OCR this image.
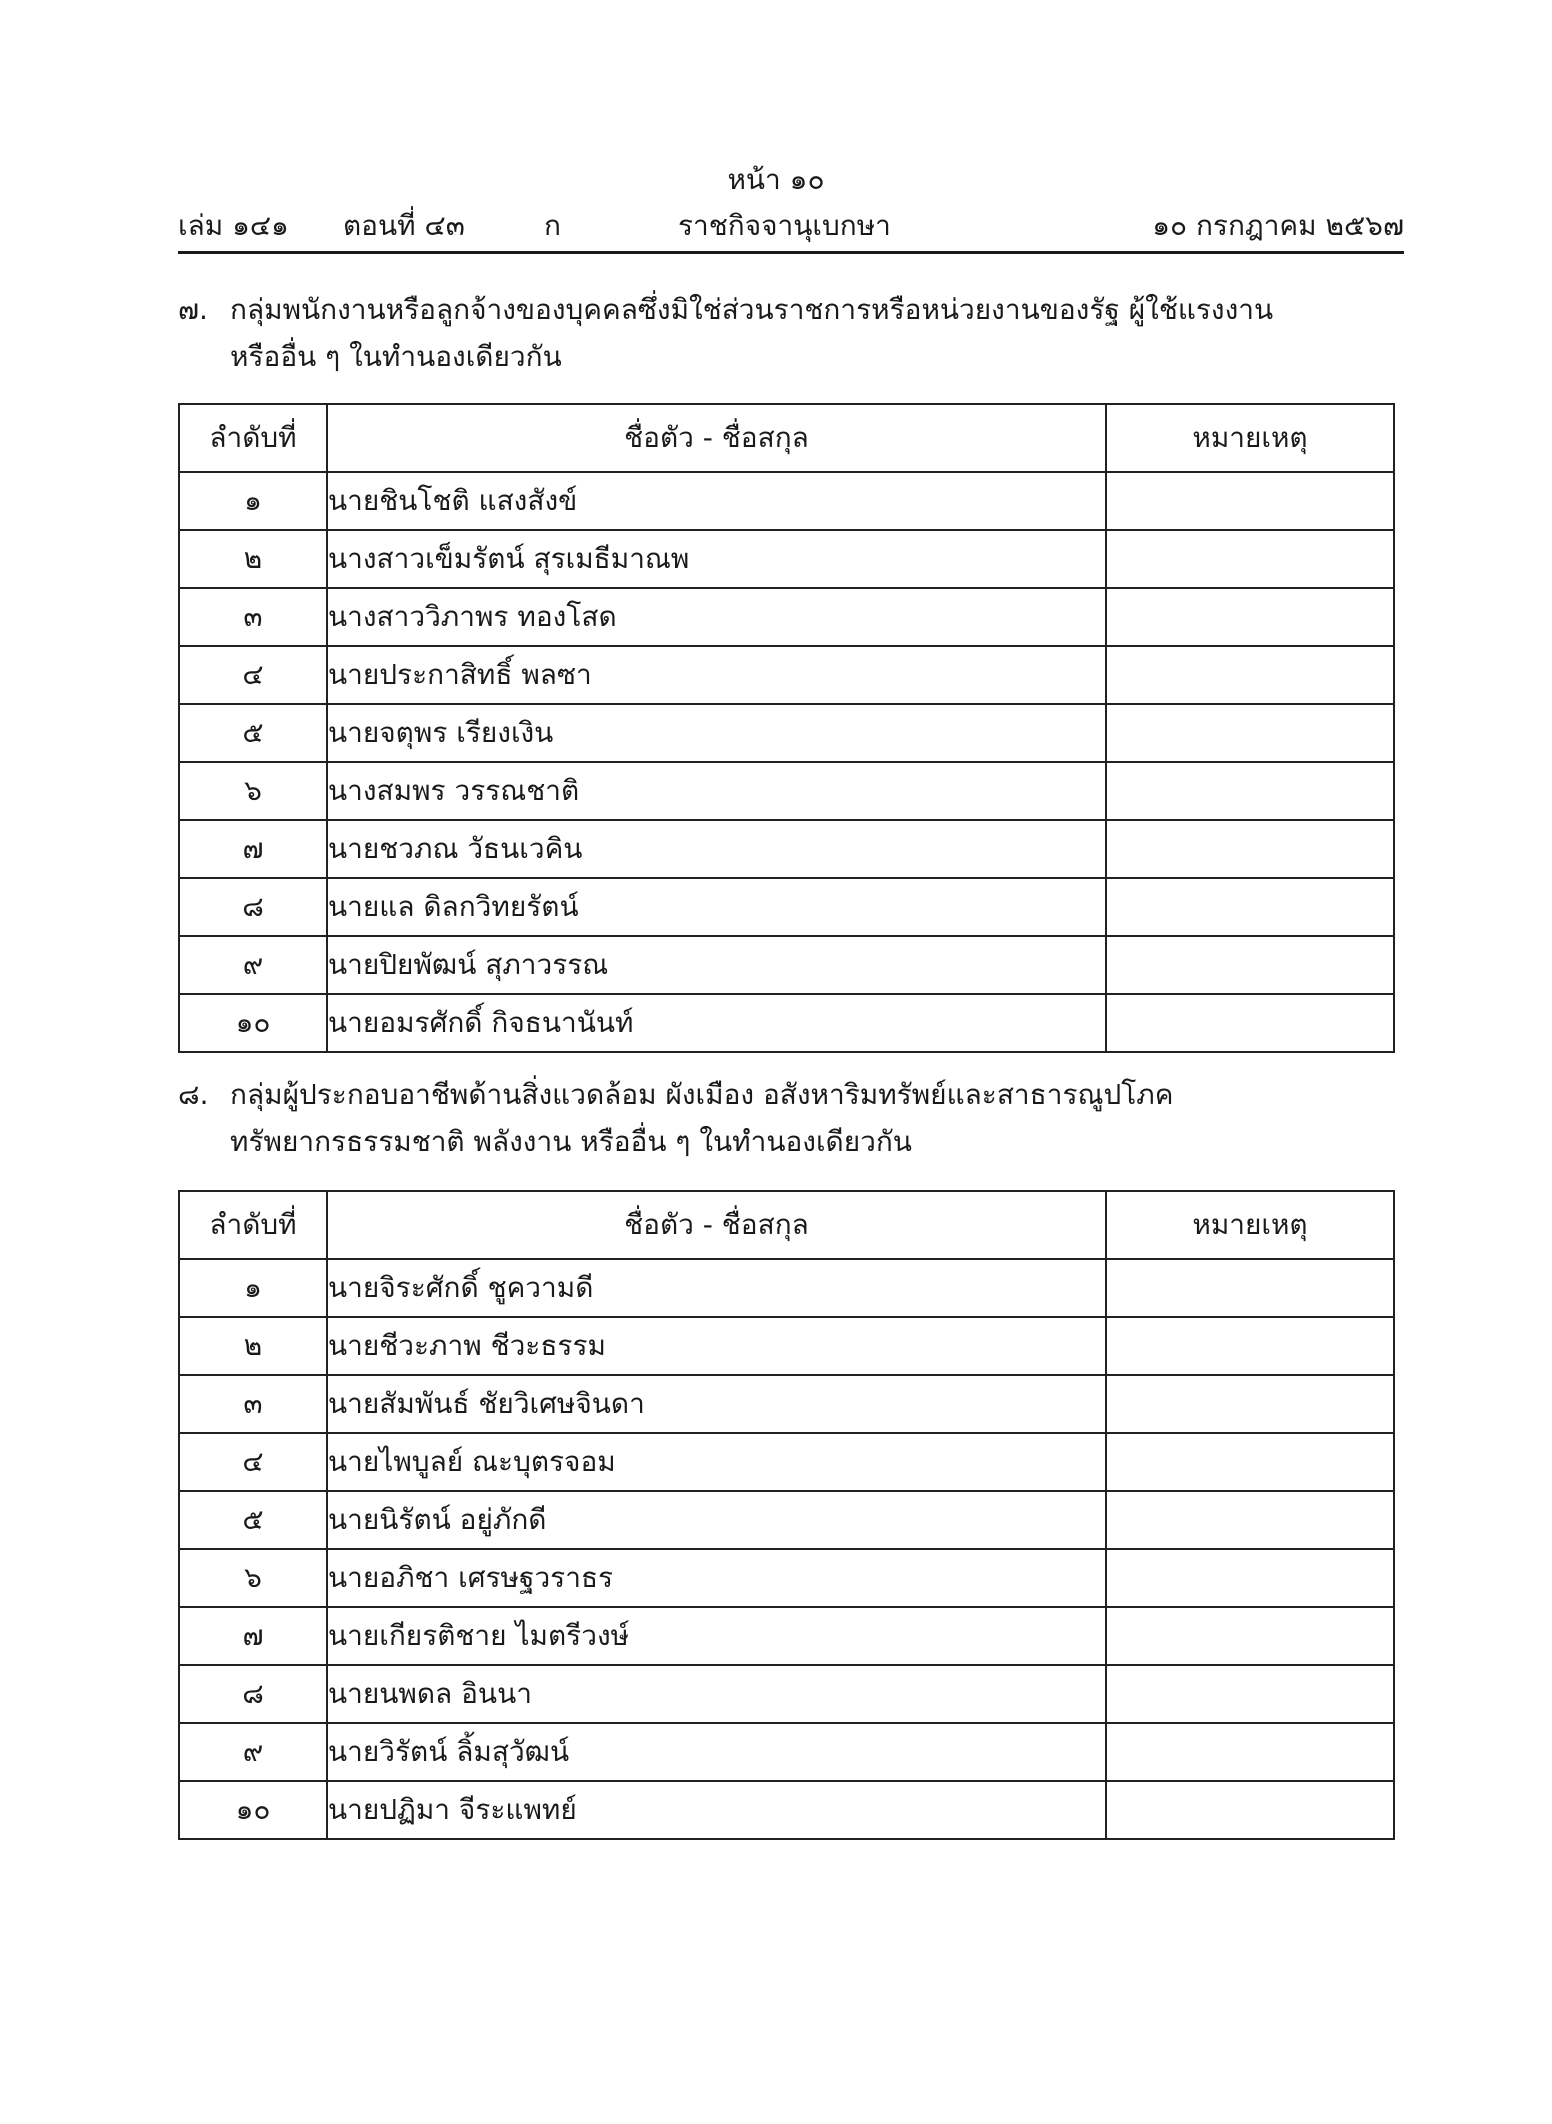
หน้า ๑๐
เล่ม ๑๔๑ ตอนที่ ๔๓	ก	ราชกิจจานุเบกษา	๑๐ กรกฎาคม ๒๕๖๗
๗. กลุ่มพนักงานหรือลูกจ้างของบุคคลซึ่งมิใช่ส่วนราชการหรือหน่วยงานของรัฐ ผู้ใช้แรงงาน
หรืออื่น ๆ ในทำนองเดียวกัน
ลำดับที่	ชื่อตัว - ชื่อสกุล	หมายเหตุ
๑	นายชินโชติ แสงสังข์	
๒	นางสาวเข็มรัตน์ สุรเมธีมาณพ	
๓	นางสาววิภาพร ทองโสด	
๔	นายประกาสิทธิ์ พลซา	
๕	นายจตุพร เรียงเงิน	
๖	นางสมพร วรรณชาติ	
๗	นายชวภณ วัธนเวคิน	
๘	นายแล ดิลกวิทยรัตน์	
๙	นายปิยพัฒน์ สุภาวรรณ	
๑๐	นายอมรศักดิ์ กิจธนานันท์	
๘. กลุ่มผู้ประกอบอาชีพด้านสิ่งแวดล้อม ผังเมือง อสังหาริมทรัพย์และสาธารณูปโภค
ทรัพยากรธรรมชาติ พลังงาน หรืออื่น ๆ ในทำนองเดียวกัน
ลำดับที่	ชื่อตัว - ชื่อสกุล	หมายเหตุ
๑	นายจิระศักดิ์ ชูความดี	
๒	นายชีวะภาพ ชีวะธรรม	
๓	นายสัมพันธ์ ชัยวิเศษจินดา	
๔	นายไพบูลย์ ณะบุตรจอม	
๕	นายนิรัตน์ อยู่ภักดี	
๖	นายอภิชา เศรษฐวราธร	
๗	นายเกียรติชาย ไมตรีวงษ์	
๘	นายนพดล อินนา	
๙	นายวิรัตน์ ลิ้มสุวัฒน์	
๑๐	นายปฏิมา จีระแพทย์	
